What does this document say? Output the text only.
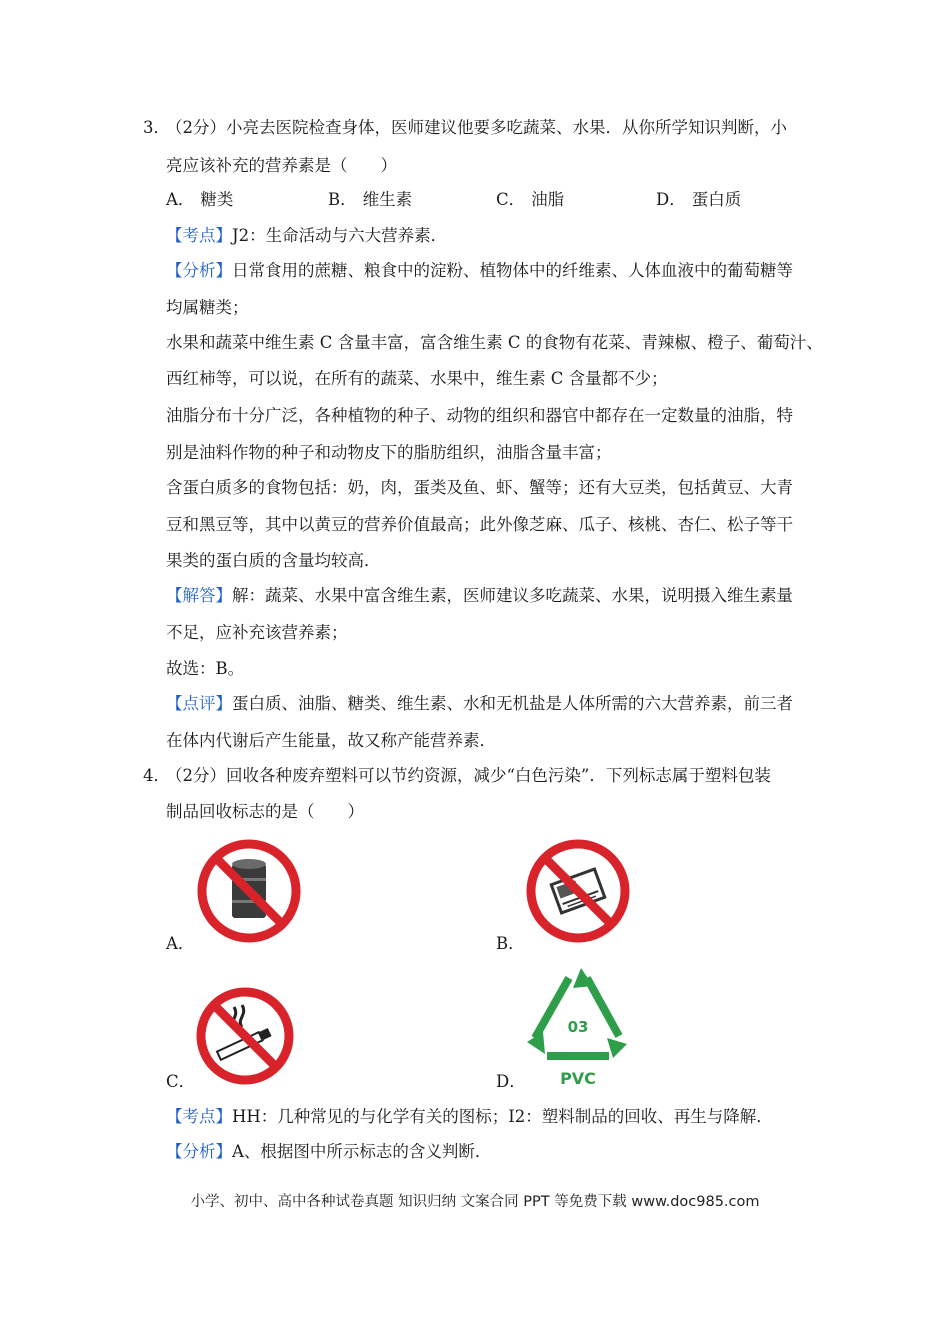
3．
（2分）小亮去医院检查身体，医师建议他要多吃蔬菜、水果．从你所学知识判断，小
亮应该补充的营养素是（　　）
A． 糖类	B． 维生素	C． 油脂	D． 蛋白质
【考点】J2：生命活动与六大营养素．
【分析】日常食用的蔗糖、粮食中的淀粉、植物体中的纤维素、人体血液中的葡萄糖等
均属糖类；
水果和蔬菜中维生素 C 含量丰富，富含维生素 C 的食物有花菜、青辣椒、橙子、葡萄汁、
西红柿等，可以说，在所有的蔬菜、水果中，维生素 C 含量都不少；
油脂分布十分广泛，各种植物的种子、动物的组织和器官中都存在一定数量的油脂，特
别是油料作物的种子和动物皮下的脂肪组织，油脂含量丰富；
含蛋白质多的食物包括：奶，肉，蛋类及鱼、虾、蟹等；还有大豆类，包括黄豆、大青
豆和黑豆等，其中以黄豆的营养价值最高；此外像芝麻、瓜子、核桃、杏仁、松子等干
果类的蛋白质的含量均较高．
【解答】解：蔬菜、水果中富含维生素，医师建议多吃蔬菜、水果，说明摄入维生素量
不足，应补充该营养素；
故选：B。
【点评】蛋白质、油脂、糖类、维生素、水和无机盐是人体所需的六大营养素，前三者
在体内代谢后产生能量，故又称产能营养素．
4．
（2分）回收各种废弃塑料可以节约资源，减少“白色污染”．下列标志属于塑料包装
制品回收标志的是（　　）
A．	B．
C．
03
PVC
D．
【考点】HH：几种常见的与化学有关的图标；I2：塑料制品的回收、再生与降解．
【分析】A、根据图中所示标志的含义判断．
小学、初中、高中各种试卷真题 知识归纳 文案合同 PPT 等免费下载 www.doc985.com
